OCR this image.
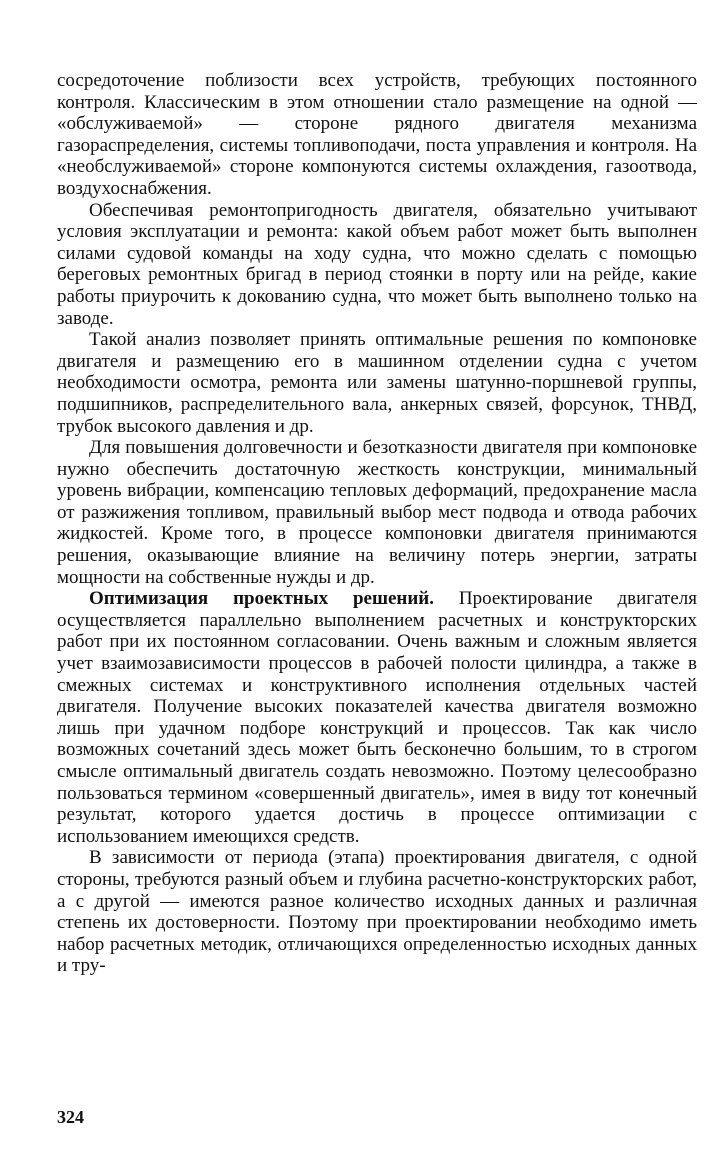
сосредоточение поблизости всех устройств, требующих постоянного контроля. Классическим в этом отношении стало размещение на одной — «обслуживаемой» — стороне рядного двигателя механизма газораспределения, системы топливоподачи, поста управления и контроля. На «необслуживаемой» стороне компонуются системы охлаждения, газоотвода, воздухоснабжения.

Обеспечивая ремонтопригодность двигателя, обязательно учитывают условия эксплуатации и ремонта: какой объем работ может быть выполнен силами судовой команды на ходу судна, что можно сделать с помощью береговых ремонтных бригад в период стоянки в порту или на рейде, какие работы приурочить к докованию судна, что может быть выполнено только на заводе.

Такой анализ позволяет принять оптимальные решения по компоновке двигателя и размещению его в машинном отделении судна с учетом необходимости осмотра, ремонта или замены шатунно-поршневой группы, подшипников, распределительного вала, анкерных связей, форсунок, ТНВД, трубок высокого давления и др.

Для повышения долговечности и безотказности двигателя при компоновке нужно обеспечить достаточную жесткость конструкции, минимальный уровень вибрации, компенсацию тепловых деформаций, предохранение масла от разжижения топливом, правильный выбор мест подвода и отвода рабочих жидкостей. Кроме того, в процессе компоновки двигателя принимаются решения, оказывающие влияние на величину потерь энергии, затраты мощности на собственные нужды и др.

Оптимизация проектных решений. Проектирование двигателя осуществляется параллельно выполнением расчетных и конструкторских работ при их постоянном согласовании. Очень важным и сложным является учет взаимозависимости процессов в рабочей полости цилиндра, а также в смежных системах и конструктивного исполнения отдельных частей двигателя. Получение высоких показателей качества двигателя возможно лишь при удачном подборе конструкций и процессов. Так как число возможных сочетаний здесь может быть бесконечно большим, то в строгом смысле оптимальный двигатель создать невозможно. Поэтому целесообразно пользоваться термином «совершенный двигатель», имея в виду тот конечный результат, которого удается достичь в процессе оптимизации с использованием имеющихся средств.

В зависимости от периода (этапа) проектирования двигателя, с одной стороны, требуются разный объем и глубина расчетно-конструкторских работ, а с другой — имеются разное количество исходных данных и различная степень их достоверности. Поэтому при проектировании необходимо иметь набор расчетных методик, отличающихся определенностью исходных данных и тру-

324
